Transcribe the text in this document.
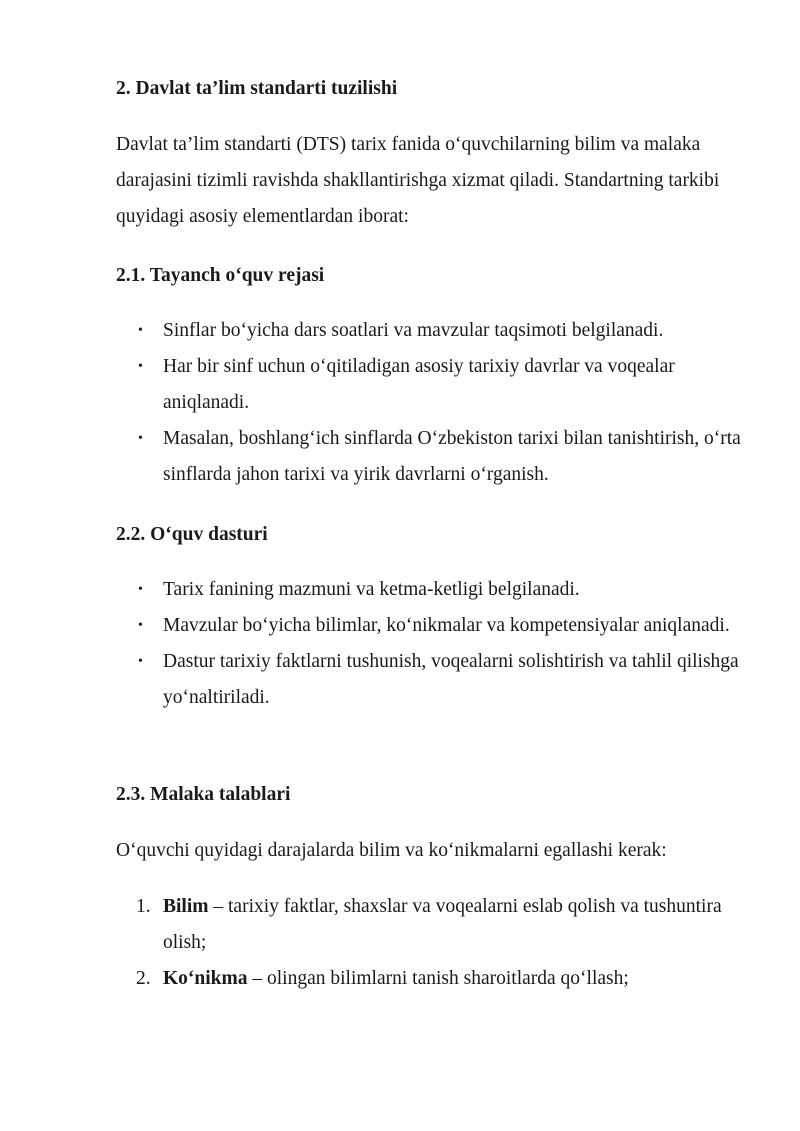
2. Davlat ta’lim standarti tuzilishi

Davlat ta’lim standarti (DTS) tarix fanida o‘quvchilarning bilim va malaka darajasini tizimli ravishda shakllantirishga xizmat qiladi. Standartning tarkibi quyidagi asosiy elementlardan iborat:

2.1. Tayanch o‘quv rejasi
• Sinflar bo‘yicha dars soatlari va mavzular taqsimoti belgilanadi.
• Har bir sinf uchun o‘qitiladigan asosiy tarixiy davrlar va voqealar aniqlanadi.
• Masalan, boshlang‘ich sinflarda O‘zbekiston tarixi bilan tanishtirish, o‘rta sinflarda jahon tarixi va yirik davrlarni o‘rganish.
2.2. O‘quv dasturi
• Tarix fanining mazmuni va ketma-ketligi belgilanadi.
• Mavzular bo‘yicha bilimlar, ko‘nikmalar va kompetensiyalar aniqlanadi.
• Dastur tarixiy faktlarni tushunish, voqealarni solishtirish va tahlil qilishga yo‘naltiriladi.
2.3. Malaka talablari

O‘quvchi quyidagi darajalarda bilim va ko‘nikmalarni egallashi kerak:

1. Bilim – tarixiy faktlar, shaxslar va voqealarni eslab qolish va tushuntira olish;
2. Ko‘nikma – olingan bilimlarni tanish sharoitlarda qo‘llash;
